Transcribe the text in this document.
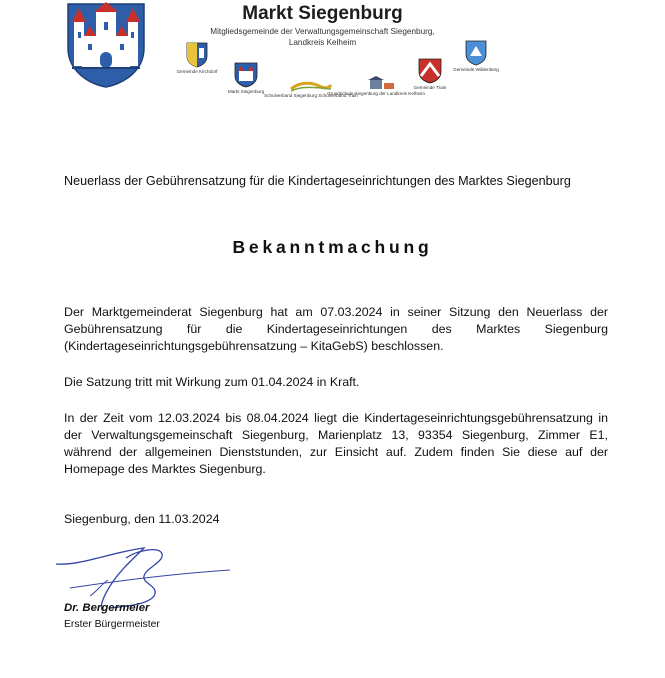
Markt Siegenburg
Mitgliedsgemeinde der Verwaltungsgemeinschaft Siegenburg,
Landkreis Kelheim
Gemeinde Kirchdorf
Markt Siegenburg
Schulverband Siegenburg Schulverband Train
Grundschule Siegenburg der Landkreis Kelheim
Gemeinde Train
Gemeinde Wildenberg
Neuerlass der Gebührensatzung für die Kindertageseinrichtungen des Marktes Siegenburg
Bekanntmachung
Der Marktgemeinderat Siegenburg hat am 07.03.2024 in seiner Sitzung den Neuerlass der Gebührensatzung für die Kindertageseinrichtungen des Marktes Siegenburg (Kindertageseinrichtungsgebührensatzung – KitaGebS) beschlossen.
Die Satzung tritt mit Wirkung zum 01.04.2024 in Kraft.
In der Zeit vom 12.03.2024 bis 08.04.2024 liegt die Kindertageseinrichtungsgebührensatzung in der Verwaltungsgemeinschaft Siegenburg, Marienplatz 13, 93354 Siegenburg, Zimmer E1, während der allgemeinen Dienststunden, zur Einsicht auf. Zudem finden Sie diese auf der Homepage des Marktes Siegenburg.
Siegenburg, den 11.03.2024
Dr. Bergermeier
Erster Bürgermeister
